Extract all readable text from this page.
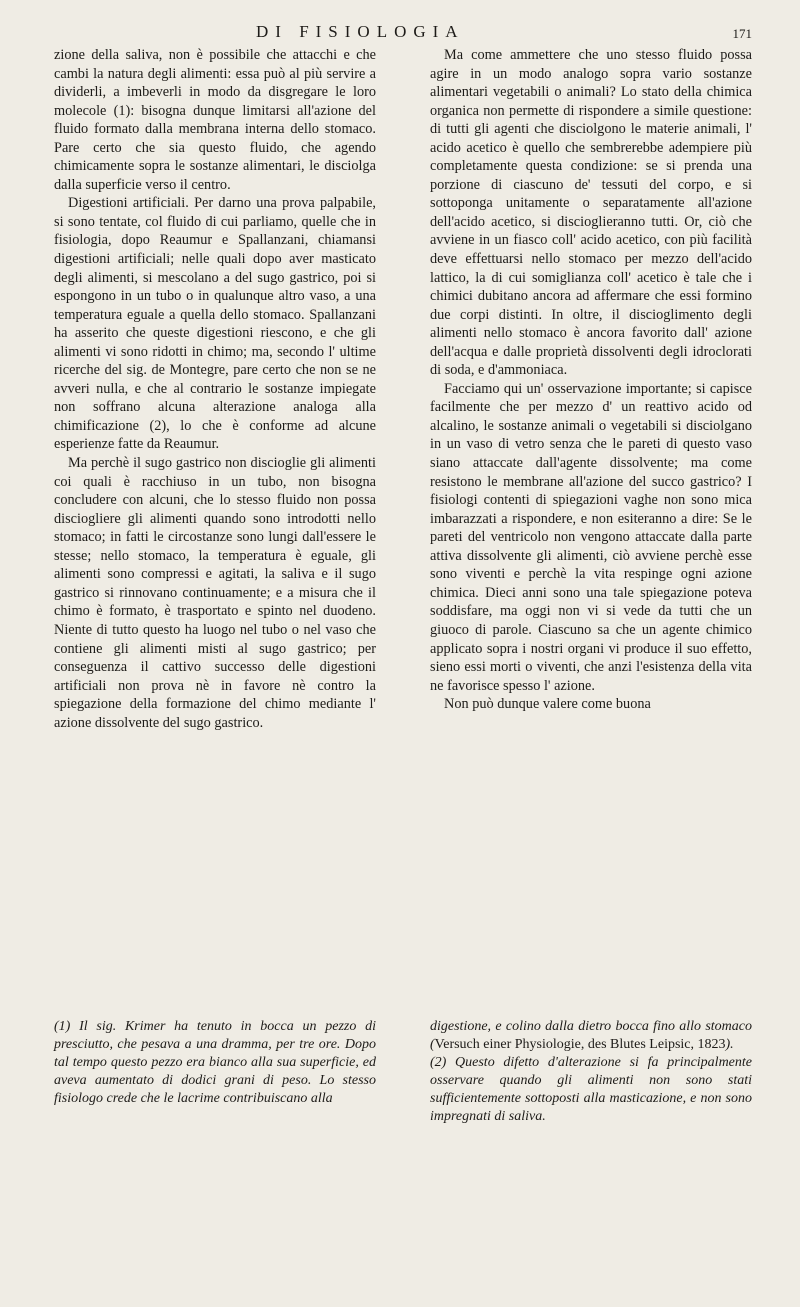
DI FISIOLOGIA	171

zione della saliva, non è possibile che attacchi e che cambi la natura degli alimenti: essa può al più servire a dividerli, a imbeverli in modo da disgregare le loro molecole (1): bisogna dunque limitarsi all'azione del fluido formato dalla membrana interna dello stomaco. Pare certo che sia questo fluido, che agendo chimicamente sopra le sostanze alimentari, le disciolga dalla superficie verso il centro.

Digestioni artificiali. Per darno una prova palpabile, si sono tentate, col fluido di cui parliamo, quelle che in fisiologia, dopo Reaumur e Spallanzani, chiamansi digestioni artificiali; nelle quali dopo aver masticato degli alimenti, si mescolano a del sugo gastrico, poi si espongono in un tubo o in qualunque altro vaso, a una temperatura eguale a quella dello stomaco. Spallanzani ha asserito che queste digestioni riescono, e che gli alimenti vi sono ridotti in chimo; ma, secondo l' ultime ricerche del sig. de Montegre, pare certo che non se ne avveri nulla, e che al contrario le sostanze impiegate non soffrano alcuna alterazione analoga alla chimificazione (2), lo che è conforme ad alcune esperienze fatte da Reaumur.

Ma perchè il sugo gastrico non discioglie gli alimenti coi quali è racchiuso in un tubo, non bisogna concludere con alcuni, che lo stesso fluido non possa disciogliere gli alimenti quando sono introdotti nello stomaco; in fatti le circostanze sono lungi dall'essere le stesse; nello stomaco, la temperatura è eguale, gli alimenti sono compressi e agitati, la saliva e il sugo gastrico si rinnovano continuamente; e a misura che il chimo è formato, è trasportato e spinto nel duodeno. Niente di tutto questo ha luogo nel tubo o nel vaso che contiene gli alimenti misti al sugo gastrico; per conseguenza il cattivo successo delle digestioni artificiali non prova nè in favore nè contro la spiegazione della formazione del chimo mediante l' azione dissolvente del sugo gastrico.

Ma come ammettere che uno stesso fluido possa agire in un modo analogo sopra vario sostanze alimentari vegetabili o animali? Lo stato della chimica organica non permette di rispondere a simile questione: di tutti gli agenti che disciolgono le materie animali, l' acido acetico è quello che sembrerebbe adempiere più completamente questa condizione: se si prenda una porzione di ciascuno de' tessuti del corpo, e si sottoponga unitamente o separatamente all'azione dell'acido acetico, si discioglieranno tutti. Or, ciò che avviene in un fiasco coll' acido acetico, con più facilità deve effettuarsi nello stomaco per mezzo dell'acido lattico, la di cui somiglianza coll' acetico è tale che i chimici dubitano ancora ad affermare che essi formino due corpi distinti. In oltre, il discioglimento degli alimenti nello stomaco è ancora favorito dall' azione dell'acqua e dalle proprietà dissolventi degli idroclorati di soda, e d'ammoniaca.

Facciamo qui un' osservazione importante; si capisce facilmente che per mezzo d' un reattivo acido od alcalino, le sostanze animali o vegetabili si disciolgano in un vaso di vetro senza che le pareti di questo vaso siano attaccate dall'agente dissolvente; ma come resistono le membrane all'azione del succo gastrico? I fisiologi contenti di spiegazioni vaghe non sono mica imbarazzati a rispondere, e non esiteranno a dire: Se le pareti del ventricolo non vengono attaccate dalla parte attiva dissolvente gli alimenti, ciò avviene perchè esse sono viventi e perchè la vita respinge ogni azione chimica. Dieci anni sono una tale spiegazione poteva soddisfare, ma oggi non vi si vede da tutti che un giuoco di parole. Ciascuno sa che un agente chimico applicato sopra i nostri organi vi produce il suo effetto, sieno essi morti o viventi, che anzi l'esistenza della vita ne favorisce spesso l' azione.

Non può dunque valere come buona

(1) Il sig. Krimer ha tenuto in bocca un pezzo di presciutto, che pesava a una dramma, per tre ore. Dopo tal tempo questo pezzo era bianco alla sua superficie, ed aveva aumentato di dodici grani di peso. Lo stesso fisiologo crede che le lacrime contribuiscano alla

digestione, e colino dalla dietro bocca fino allo stomaco (Versuch einer Physiologie, des Blutes Leipsic, 1823).

(2) Questo difetto d'alterazione si fa principalmente osservare quando gli alimenti non sono stati sufficientemente sottoposti alla masticazione, e non sono impregnati di saliva.
